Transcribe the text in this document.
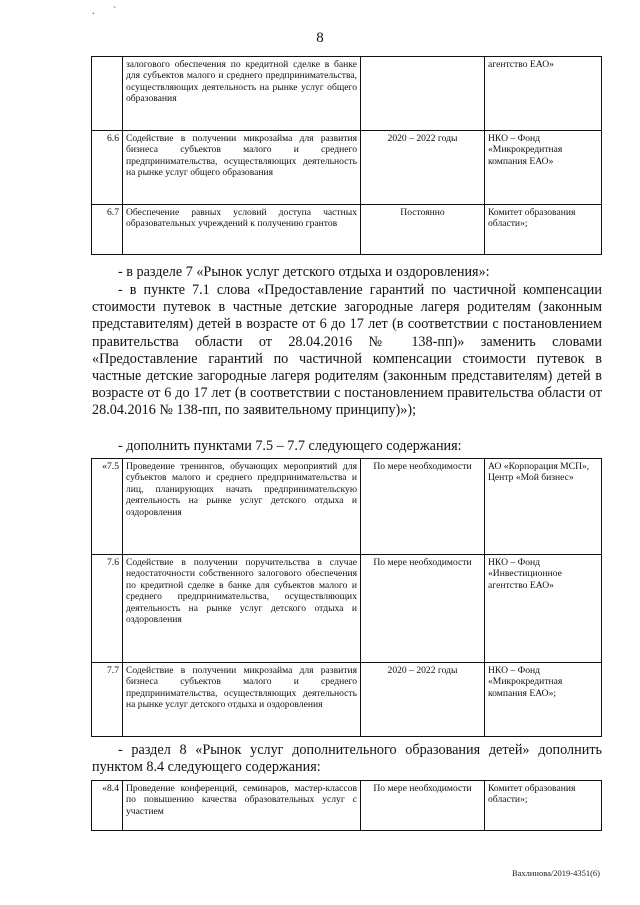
. `
8
	залогового обеспечения по кредитной сделке в банке для субъектов малого и среднего предпринимательства, осуществляющих деятельность на рынке услуг общего образования		агентство ЕАО»
6.6	Содействие в получении микрозайма для развития бизнеса субъектов малого и среднего предпринимательства, осуществляющих деятельность на рынке услуг общего образования	2020 – 2022 годы	НКО – Фонд «Микрокредитная компания ЕАО»
6.7	Обеспечение равных условий доступа частных образовательных учреждений к получению грантов	Постоянно	Комитет образования области»;

- в разделе 7 «Рынок услуг детского отдыха и оздоровления»:

- в пункте 7.1 слова «Предоставление гарантий по частичной компенсации стоимости путевок в частные детские загородные лагеря родителям (законным представителям) детей в возрасте от 6 до 17 лет (в соответствии с постановлением правительства области от 28.04.2016 № 138-пп)» заменить словами «Предоставление гарантий по частичной компенсации стоимости путевок в частные детские загородные лагеря родителям (законным представителям) детей в возрасте от 6 до 17 лет (в соответствии с постановлением правительства области от 28.04.2016 № 138-пп, по заявительному принципу)»);

- дополнить пунктами 7.5 – 7.7 следующего содержания:

«7.5	Проведение тренингов, обучающих мероприятий для субъектов малого и среднего предпринимательства и лиц, планирующих начать предпринимательскую деятельность на рынке услуг детского отдыха и оздоровления	По мере необходимости	АО «Корпорация МСП», Центр «Мой бизнес»
7.6	Содействие в получении поручительства в случае недостаточности собственного залогового обеспечения по кредитной сделке в банке для субъектов малого и среднего предпринимательства, осуществляющих деятельность на рынке услуг детского отдыха и оздоровления	По мере необходимости	НКО – Фонд «Инвестиционное агентство ЕАО»
7.7	Содействие в получении микрозайма для развития бизнеса субъектов малого и среднего предпринимательства, осуществляющих деятельность на рынке услуг детского отдыха и оздоровления	2020 – 2022 годы	НКО – Фонд «Микрокредитная компания ЕАО»;

- раздел 8 «Рынок услуг дополнительного образования детей» дополнить пунктом 8.4 следующего содержания:

«8.4	Проведение конференций, семинаров, мастер-классов по повышению качества образовательных услуг с участием	По мере необходимости	Комитет образования области»;
Вахлинова/2019-4351(6)
